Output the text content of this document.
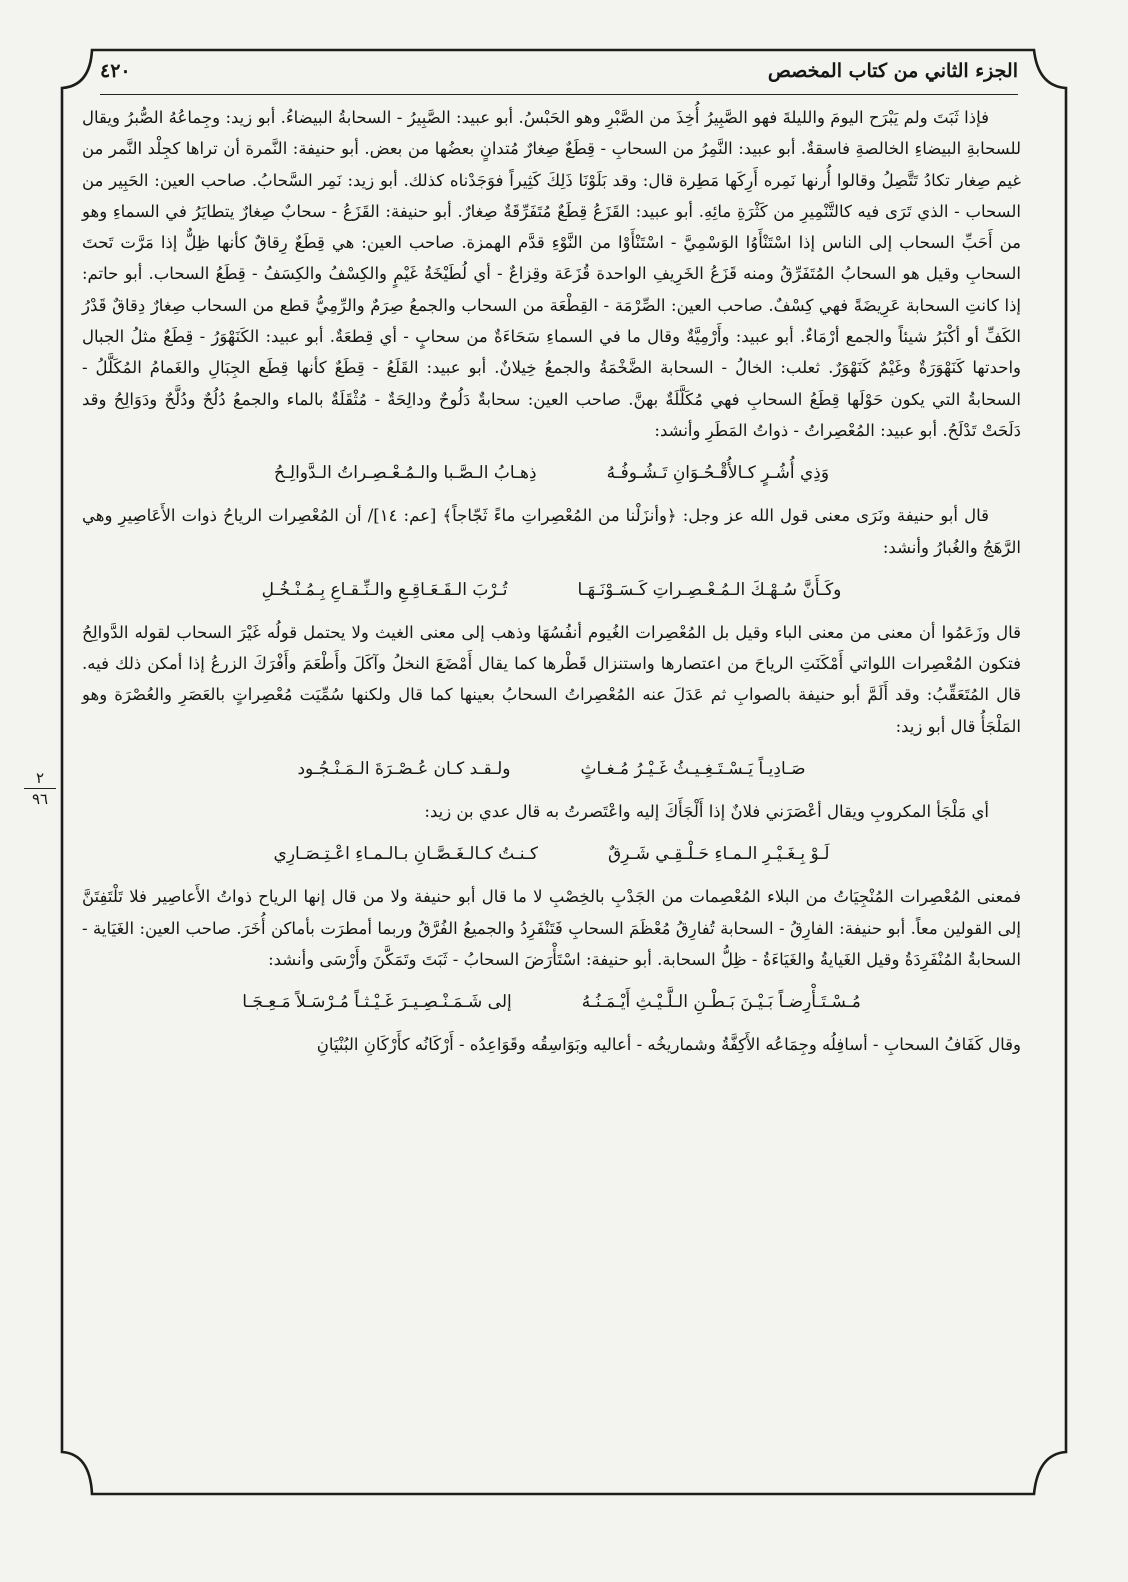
الجزء الثاني من كتاب المخصص
٤٢٠
٢
٩٦

فإذا ثَبَتَ ولم يَبْرَح اليومَ والليلةَ فهو الصَّبِيرُ أُخِذَ من الصَّبْرِ وهو الحَبْسُ. أبو عبيد: الصَّبِيرُ - السحابةُ البيضاءُ. أبو زيد: وجِماعُهُ الصُّبرُ ويقال للسحابةِ البيضاءِ الخالصةِ فاسقةٌ. أبو عبيد: النَّمِرُ من السحابِ - قِطَعٌ صِغارٌ مُتدانٍ بعضُها من بعض. أبو حنيفة: النَّمرة أن تراها كجِلْد النَّمر من غيم صِغار تكادُ تَتَّصِلُ وقالوا أُرنها نَمِره أَرِكَها مَطِرة قال: وقد بَلَوْنَا ذَلِكَ كَثِيراً فوَجَدْناه كذلك. أبو زيد: نَمِر السَّحابُ. صاحب العين: الحَبِير من السحاب - الذي تَرَى فيه كالتَّنْمِيرِ من كَثْرَةِ مائِهِ. أبو عبيد: القَزَعُ قِطَعٌ مُتَفَرِّقَةٌ صِغارٌ. أبو حنيفة: القَزَعُ - سحابٌ صِغارٌ يتطايَرُ في السماءِ وهو من أَحَبِّ السحاب إلى الناس إذا اسْتَنْأَوُا الوَسْمِيَّ - اسْتَنْأَوْا من النَّوْءِ قدَّم الهمزة. صاحب العين: هي قِطَعٌ رِقاقٌ كأنها ظِلٌّ إذا مَرَّت تَحتَ السحابِ وقيل هو السحابُ المُتَفَرِّقُ ومنه قَزَعُ الخَرِيفِ الواحدة قُزَعَة وقِزاعٌ - أي لُطَيْخَةُ غَيْمٍ والكِسْفُ والكِسَفُ - قِطَعُ السحاب. أبو حاتم: إذا كانتِ السحابة عَرِيضَةً فهي كِسْفٌ. صاحب العين: الصِّرْمَة - القِطْعَة من السحاب والجمعُ صِرَمٌ والرِّمِيُّ قطع من السحاب صِغارٌ دِقاقٌ قَدْرُ الكَفِّ أو أكْبَرُ شيئاً والجمع أرْمَاءٌ. أبو عبيد: وأَرْمِيَّةٌ وقال ما في السماءِ سَحَاءَةٌ من سحابٍ - أي قِطعَةٌ. أبو عبيد: الكَنَهْوَرُ - قِطَعٌ مثلُ الجبال واحدتها كَنَهْوَرَةٌ وغَيْمٌ كَنَهْوَرٌ. ثعلب: الخالُ - السحابة الضَّخْمَةُ والجمعُ خِيلانٌ. أبو عبيد: القَلَعُ - قِطَعٌ كأنها قِطَع الجِبَالِ والغَمامُ المُكَلَّلُ - السحابةُ التي يكون حَوْلَها قِطَعُ السحابِ فهي مُكَلَّلَةٌ بهنَّ. صاحب العين: سحابةٌ دَلُوحٌ ودالِحَةٌ - مُثْقَلَةٌ بالماء والجمعُ دُلُحٌ ودُلَّحٌ ودَوَالِحُ وقد دَلَحَتْ تَدْلَحُ. أبو عبيد: المُعْصِراتُ - ذواتُ المَطَرِ وأنشد:

وَذِي أُشُـرٍ كـالأُقْـحُـوَانِ تَـشُـوفُـهُ
ذِهـابُ الـصَّـبا والـمُـعْـصِـراتُ الـدَّوالِـحُ

قال أبو حنيفة ونَرَى معنى قول الله عز وجل: ﴿وأنزَلْنا من المُعْصِراتِ ماءً ثَجّاجاً﴾ [عم: ١٤]/ أن المُعْصِرات الرياحُ ذوات الأَعَاصِيرِ وهي الرَّهَجُ والغُبارُ وأنشد:

وكَـأَنَّ سُـهْـكَ الـمُـعْـصِـراتِ كَـسَـوْنَـهَـا
تُـرْبَ الـقَـعَـاقِـعِ والـنِّـقـاعِ بِـمُـنْـخُـلِ

قال وزَعَمُوا أن معنى من معنى الباء وقيل بل المُعْصِرات الغُيوم أنفُسُهَا وذهب إلى معنى الغيث ولا يحتمل قولُه غَيْرَ السحاب لقوله الدَّوالِحُ فتكون المُعْصِرات اللواتي أَمْكَنَتِ الرياحَ من اعتصارها واستنزال قَطْرها كما يقال أَمْضَعَ النخلُ وآكَلَ وأَطْعَمَ وأَفْرَكَ الزرعُ إذا أمكن ذلك فيه. قال المُتَعَقِّبُ: وقد أَلَمَّ أبو حنيفة بالصوابِ ثم عَدَلَ عنه المُعْصِراتُ السحابُ بعينها كما قال ولكنها سُمِّيَت مُعْصِراتٍ بالعَصَرِ والعُصْرَة وهو المَلْجَأُ قال أبو زيد:

صَـادِيـاً يَـسْـتَـغِـيـثُ غَـيْـرُ مُـغـاثٍ
ولـقـد كـان عُـصْـرَةَ الـمَـنْـجُـود

أي مَلْجَأ المكروبِ ويقال أعْصَرَني فلانٌ إذا أَلْجَأَكَ إليه واعْتَصرتُ به قال عدي بن زيد:

لَـوْ بِـغَـيْـرِ الـمـاءِ حَـلْـقِـي شَـرِقٌ
كـنـتُ كـالـغَـصَّـانِ بـالـمـاءِ اعْـتِـصَـارِي

فمعنى المُعْصِرات المُنْجِيَاتُ من البلاء المُعْصِمات من الجَدْبِ بالخِصْبِ لا ما قال أبو حنيفة ولا من قال إنها الرياح ذواتُ الأَعاصِير فلا تَلْتَفِتَنَّ إلى القولين معاً. أبو حنيفة: الفارِقُ - السحابة تُفارِقُ مُعْظَمَ السحابِ فَتَنْفَرِدُ والجميعُ الفُرَّقُ وربما أمطرَت بأماكن أُخَرَ. صاحب العين: الغَيَاية - السحابةُ المُنْفَرِدَةُ وقيل الغَيايةُ والغَيَاءَةُ - ظِلُّ السحابة. أبو حنيفة: اسْتَأْرَضَ السحابُ - ثَبَتَ وتَمَكَّنَ وأَرْسَى وأنشد:

مُـسْـتَـأْرِضـاً بَـيْـنَ بَـطْـنِ الـلَّـيْـثِ أَيْـمَـنُـهُ
إلى شَـمَـنْـصِـيـرَ غَـيْـثـاً مُـرْسَـلاً مَـعِـجَـا

وقال كَفَافُ السحابِ - أسافِلُه وجِمَاعُه الأَكِفَّةُ وشماريخُه - أعاليه وبَوَاسِقُه وقَوَاعِدُه - أَرْكَانُه كأَرْكَانِ البُنْيَانِ
